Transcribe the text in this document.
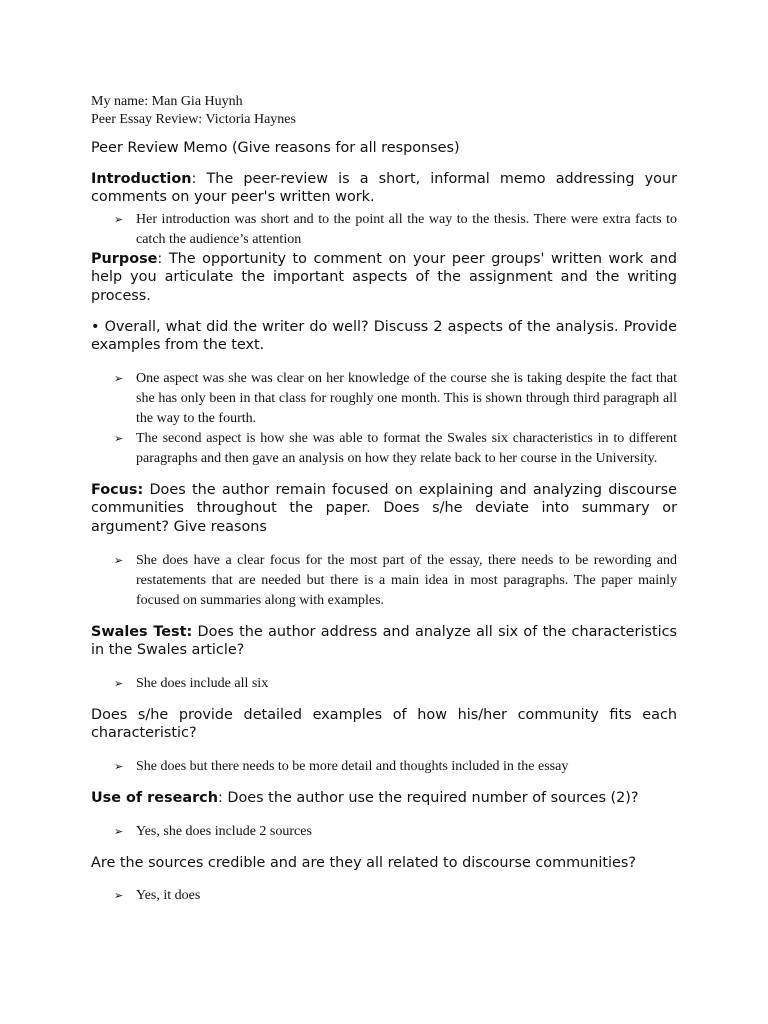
My name: Man Gia Huynh
Peer Essay Review: Victoria Haynes
Peer Review Memo (Give reasons for all responses)
Introduction: The peer-review is a short, informal memo addressing your comments on your peer's written work.
➢ Her introduction was short and to the point all the way to the thesis. There were extra facts to catch the audience’s attention
Purpose: The opportunity to comment on your peer groups' written work and help you articulate the important aspects of the assignment and the writing process.
• Overall, what did the writer do well? Discuss 2 aspects of the analysis. Provide examples from the text.
➢ One aspect was she was clear on her knowledge of the course she is taking despite the fact that she has only been in that class for roughly one month. This is shown through third paragraph all the way to the fourth.
➢ The second aspect is how she was able to format the Swales six characteristics in to different paragraphs and then gave an analysis on how they relate back to her course in the University.
Focus: Does the author remain focused on explaining and analyzing discourse communities throughout the paper. Does s/he deviate into summary or argument? Give reasons
➢ She does have a clear focus for the most part of the essay, there needs to be rewording and restatements that are needed but there is a main idea in most paragraphs. The paper mainly focused on summaries along with examples.
Swales Test: Does the author address and analyze all six of the characteristics in the Swales article?
➢ She does include all six
Does s/he provide detailed examples of how his/her community fits each characteristic?
➢ She does but there needs to be more detail and thoughts included in the essay
Use of research: Does the author use the required number of sources (2)?
➢ Yes, she does include 2 sources
Are the sources credible and are they all related to discourse communities?
➢ Yes, it does
